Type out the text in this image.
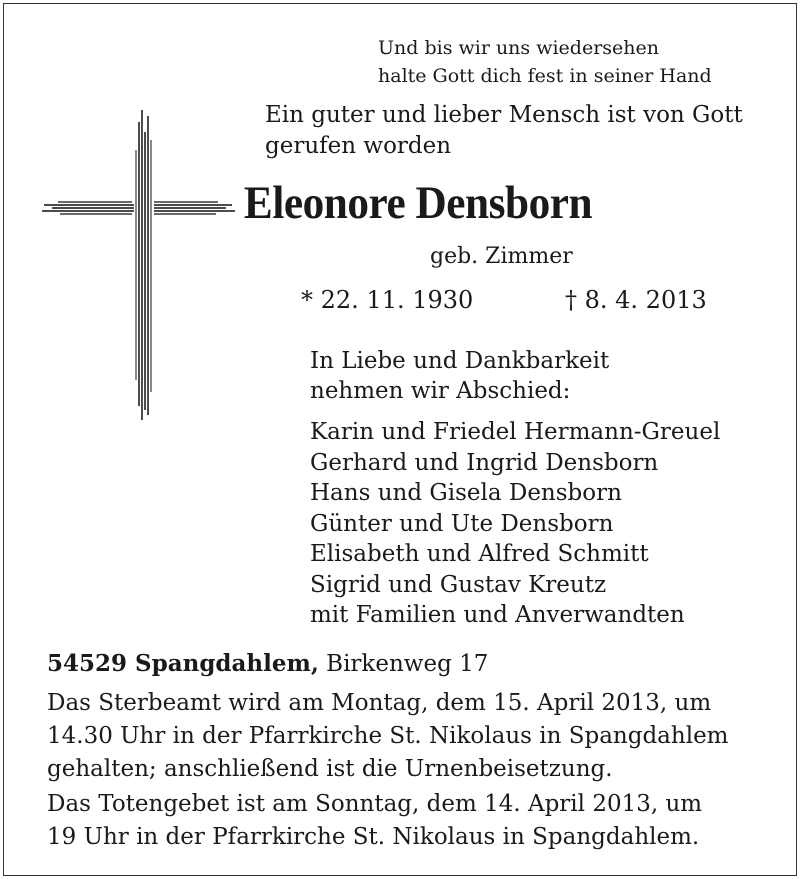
Und bis wir uns wiedersehen
halte Gott dich fest in seiner Hand
Ein guter und lieber Mensch ist von Gott
gerufen worden
Eleonore Densborn
geb. Zimmer
* 22. 11. 1930	† 8. 4. 2013
In Liebe und Dankbarkeit
nehmen wir Abschied:
Karin und Friedel Hermann-Greuel
Gerhard und Ingrid Densborn
Hans und Gisela Densborn
Günter und Ute Densborn
Elisabeth und Alfred Schmitt
Sigrid und Gustav Kreutz
mit Familien und Anverwandten
54529 Spangdahlem, Birkenweg 17
Das Sterbeamt wird am Montag, dem 15. April 2013, um
14.30 Uhr in der Pfarrkirche St. Nikolaus in Spangdahlem
gehalten; anschließend ist die Urnenbeisetzung.
Das Totengebet ist am Sonntag, dem 14. April 2013, um
19 Uhr in der Pfarrkirche St. Nikolaus in Spangdahlem.
